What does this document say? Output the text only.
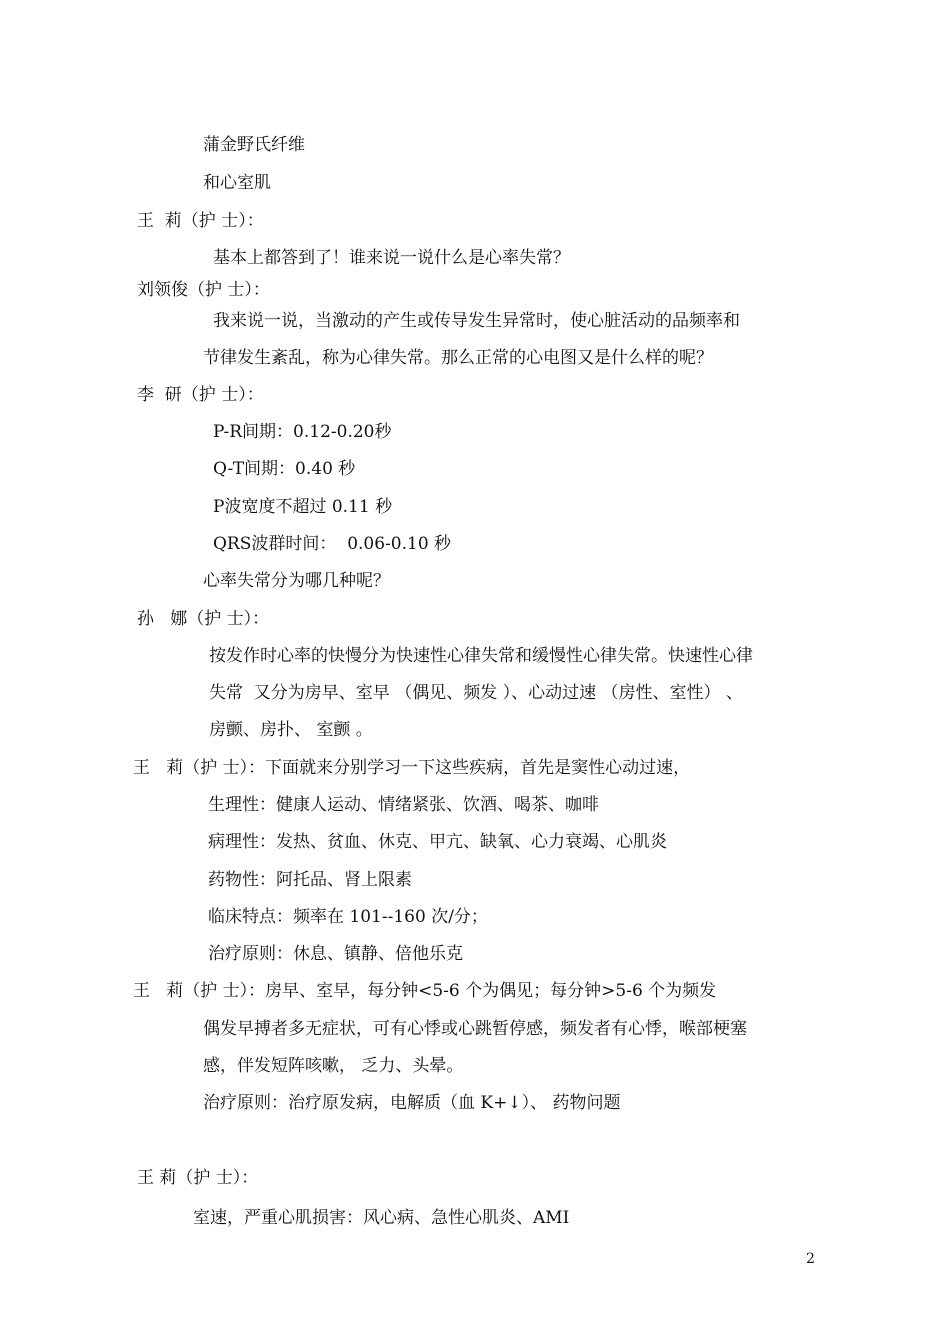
蒲金野氏纤维
和心室肌
王  莉（护 士）：
基本上都答到了！谁来说一说什么是心率失常？
刘领俊（护 士）：
我来说一说，当激动的产生或传导发生异常时，使心脏活动的品频率和
节律发生紊乱，称为心律失常。那么正常的心电图又是什么样的呢？
李  研（护 士）：
P-R间期：0.12-0.20秒
Q-T间期：0.40 秒
P波宽度不超过 0.11 秒
QRS波群时间：  0.06-0.10 秒
心率失常分为哪几种呢？
孙   娜（护 士）：
按发作时心率的快慢分为快速性心律失常和缓慢性心律失常。快速性心律
失常  又分为房早、室早 （偶见、频发 ）、心动过速 （房性、室性） 、
房颤、房扑、 室颤 。
王   莉（护 士）：下面就来分别学习一下这些疾病，首先是窦性心动过速，
生理性：健康人运动、情绪紧张、饮酒、喝茶、咖啡
病理性：发热、贫血、休克、甲亢、缺氧、心力衰竭、心肌炎
药物性：阿托品、肾上限素
临床特点：频率在 101--160 次/分；
治疗原则：休息、镇静、倍他乐克
王   莉（护 士）：房早、室早，每分钟<5-6 个为偶见；每分钟>5-6 个为频发
偶发早搏者多无症状，可有心悸或心跳暂停感，频发者有心悸，喉部梗塞
感，伴发短阵咳嗽， 乏力、头晕。
治疗原则：治疗原发病，电解质（血 K+↓）、 药物问题
王 莉（护 士）：
室速，严重心肌损害：风心病、急性心肌炎、AMI
2
